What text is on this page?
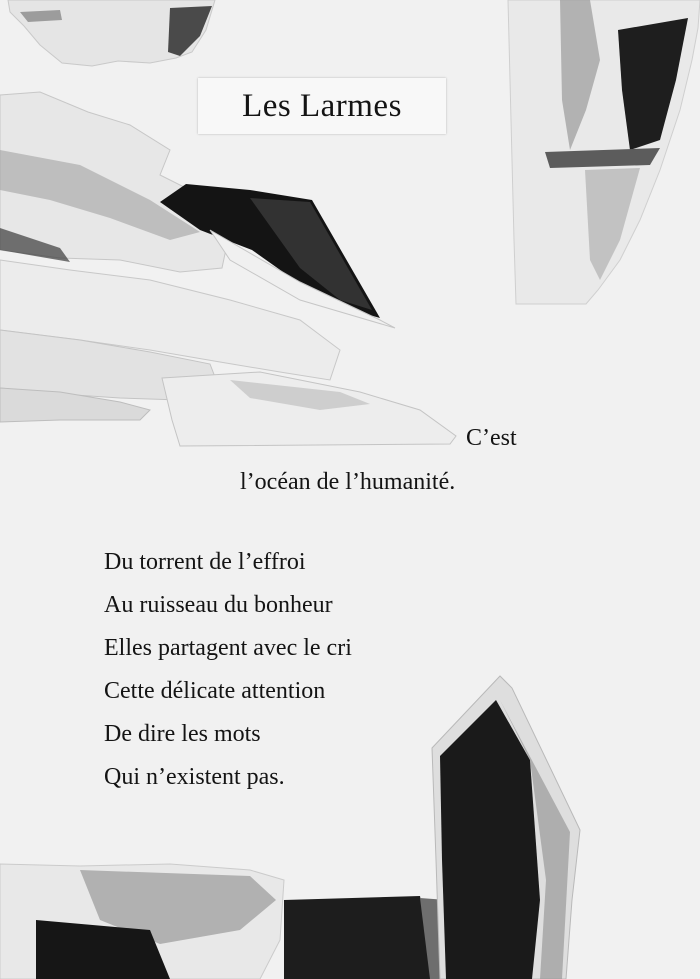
Les Larmes
C’est
l’océan de l’humanité.
Du torrent de l’effroi
Au ruisseau du bonheur
Elles partagent avec le cri
Cette délicate attention
De dire les mots
Qui n’existent pas.
